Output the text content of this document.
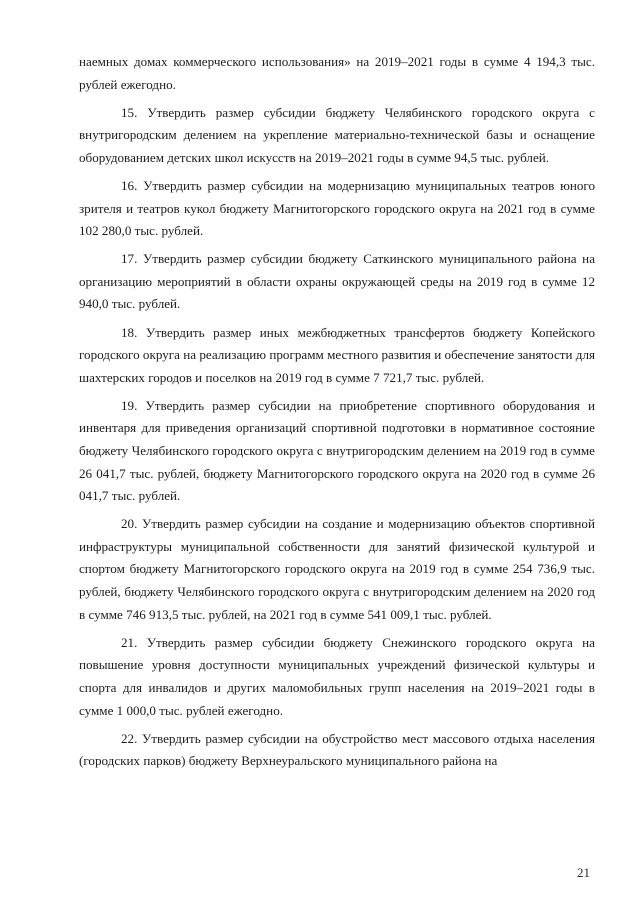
наемных домах коммерческого использования» на 2019–2021 годы в сумме 4 194,3 тыс. рублей ежегодно.

15. Утвердить размер субсидии бюджету Челябинского городского округа с внутригородским делением на укрепление материально-технической базы и оснащение оборудованием детских школ искусств на 2019–2021 годы в сумме 94,5 тыс. рублей.

16. Утвердить размер субсидии на модернизацию муниципальных театров юного зрителя и театров кукол бюджету Магнитогорского городского округа на 2021 год в сумме 102 280,0 тыс. рублей.

17. Утвердить размер субсидии бюджету Саткинского муниципального района на организацию мероприятий в области охраны окружающей среды на 2019 год в сумме 12 940,0 тыс. рублей.

18. Утвердить размер иных межбюджетных трансфертов бюджету Копейского городского округа на реализацию программ местного развития и обеспечение занятости для шахтерских городов и поселков на 2019 год в сумме 7 721,7 тыс. рублей.

19. Утвердить размер субсидии на приобретение спортивного оборудования и инвентаря для приведения организаций спортивной подготовки в нормативное состояние бюджету Челябинского городского округа с внутригородским делением на 2019 год в сумме 26 041,7 тыс. рублей, бюджету Магнитогорского городского округа на 2020 год в сумме 26 041,7 тыс. рублей.

20. Утвердить размер субсидии на создание и модернизацию объектов спортивной инфраструктуры муниципальной собственности для занятий физической культурой и спортом бюджету Магнитогорского городского округа на 2019 год в сумме 254 736,9 тыс. рублей, бюджету Челябинского городского округа с внутригородским делением на 2020 год в сумме 746 913,5 тыс. рублей, на 2021 год в сумме 541 009,1 тыс. рублей.

21. Утвердить размер субсидии бюджету Снежинского городского округа на повышение уровня доступности муниципальных учреждений физической культуры и спорта для инвалидов и других маломобильных групп населения на 2019–2021 годы в сумме 1 000,0 тыс. рублей ежегодно.

22. Утвердить размер субсидии на обустройство мест массового отдыха населения (городских парков) бюджету Верхнеуральского муниципального района на

21
